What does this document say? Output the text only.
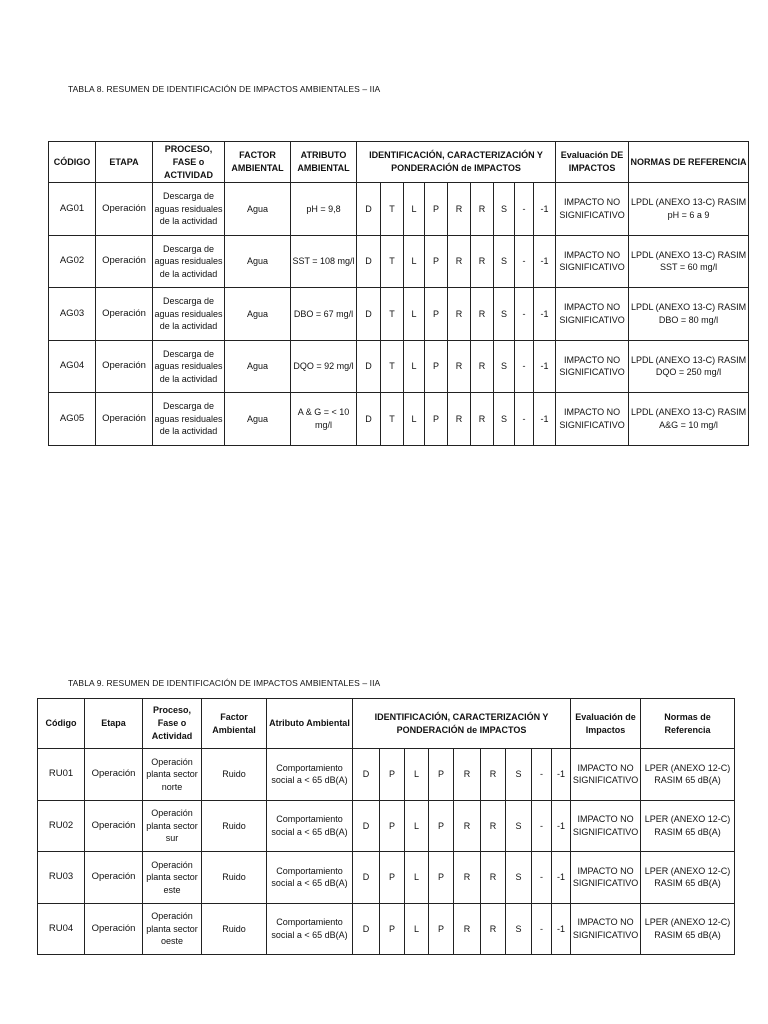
TABLA 8. RESUMEN DE IDENTIFICACIÓN DE IMPACTOS AMBIENTALES – IIA
CÓDIGO	ETAPA	PROCESO, FASE o ACTIVIDAD	FACTOR AMBIENTAL	ATRIBUTO AMBIENTAL	IDENTIFICACIÓN, CARACTERIZACIÓN Y PONDERACIÓN de IMPACTOS									Evaluación DE IMPACTOS	NORMAS DE REFERENCIA
AG01	Operación	Descarga de aguas residuales de la actividad	Agua	pH = 9,8	D	T	L	P	R	R	S	-	-1	IMPACTO NO SIGNIFICATIVO	LPDL (ANEXO 13-C) RASIM pH = 6 a 9
AG02	Operación	Descarga de aguas residuales de la actividad	Agua	SST = 108 mg/l	D	T	L	P	R	R	S	-	-1	IMPACTO NO SIGNIFICATIVO	LPDL (ANEXO 13-C) RASIM SST = 60 mg/l
AG03	Operación	Descarga de aguas residuales de la actividad	Agua	DBO = 67 mg/l	D	T	L	P	R	R	S	-	-1	IMPACTO NO SIGNIFICATIVO	LPDL (ANEXO 13-C) RASIM DBO = 80 mg/l
AG04	Operación	Descarga de aguas residuales de la actividad	Agua	DQO = 92 mg/l	D	T	L	P	R	R	S	-	-1	IMPACTO NO SIGNIFICATIVO	LPDL (ANEXO 13-C) RASIM DQO = 250 mg/l
AG05	Operación	Descarga de aguas residuales de la actividad	Agua	A & G = < 10 mg/l	D	T	L	P	R	R	S	-	-1	IMPACTO NO SIGNIFICATIVO	LPDL (ANEXO 13-C) RASIM A&G = 10 mg/l
TABLA 9. RESUMEN DE IDENTIFICACIÓN DE IMPACTOS AMBIENTALES – IIA
Código	Etapa	Proceso, Fase o Actividad	Factor Ambiental	Atributo Ambiental	IDENTIFICACIÓN, CARACTERIZACIÓN Y PONDERACIÓN de IMPACTOS									Evaluación de Impactos	Normas de Referencia
RU01	Operación	Operación planta sector norte	Ruido	Comportamiento social a < 65 dB(A)	D	P	L	P	R	R	S	-	-1	IMPACTO NO SIGNIFICATIVO	LPER (ANEXO 12-C) RASIM 65 dB(A)
RU02	Operación	Operación planta sector sur	Ruido	Comportamiento social a < 65 dB(A)	D	P	L	P	R	R	S	-	-1	IMPACTO NO SIGNIFICATIVO	LPER (ANEXO 12-C) RASIM 65 dB(A)
RU03	Operación	Operación planta sector este	Ruido	Comportamiento social a < 65 dB(A)	D	P	L	P	R	R	S	-	-1	IMPACTO NO SIGNIFICATIVO	LPER (ANEXO 12-C) RASIM 65 dB(A)
RU04	Operación	Operación planta sector oeste	Ruido	Comportamiento social a < 65 dB(A)	D	P	L	P	R	R	S	-	-1	IMPACTO NO SIGNIFICATIVO	LPER (ANEXO 12-C) RASIM 65 dB(A)
